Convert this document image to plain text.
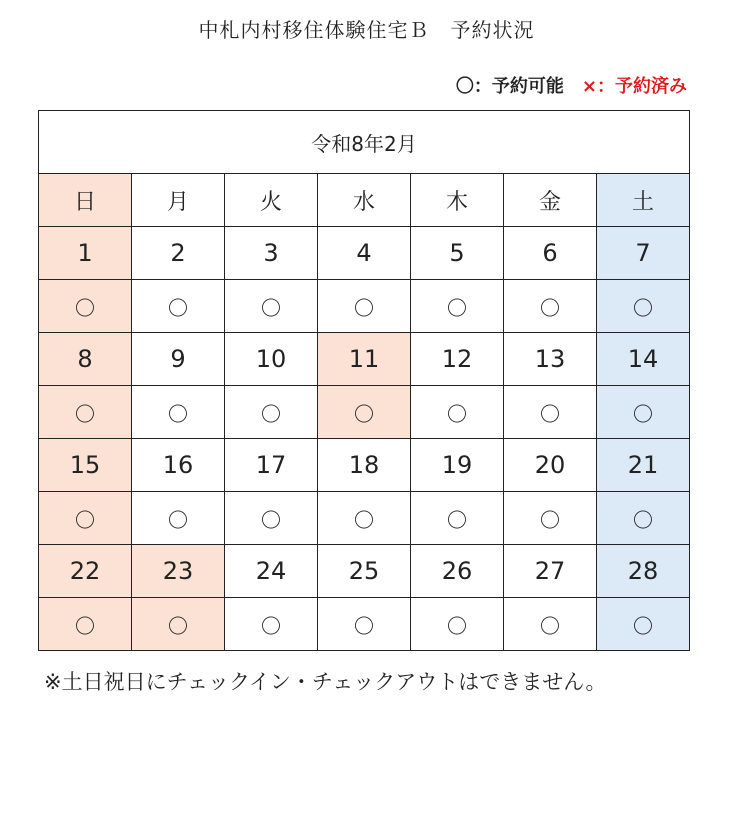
中札内村移住体験住宅Ｂ　予約状況
〇：予約可能 ×：予約済み
令和8年2月						
日	月	火	水	木	金	土
1	2	3	4	5	6	7
〇	〇	〇	〇	〇	〇	〇
8	9	10	11	12	13	14
〇	〇	〇	〇	〇	〇	〇
15	16	17	18	19	20	21
〇	〇	〇	〇	〇	〇	〇
22	23	24	25	26	27	28
〇	〇	〇	〇	〇	〇	〇
※土日祝日にチェックイン・チェックアウトはできません。
